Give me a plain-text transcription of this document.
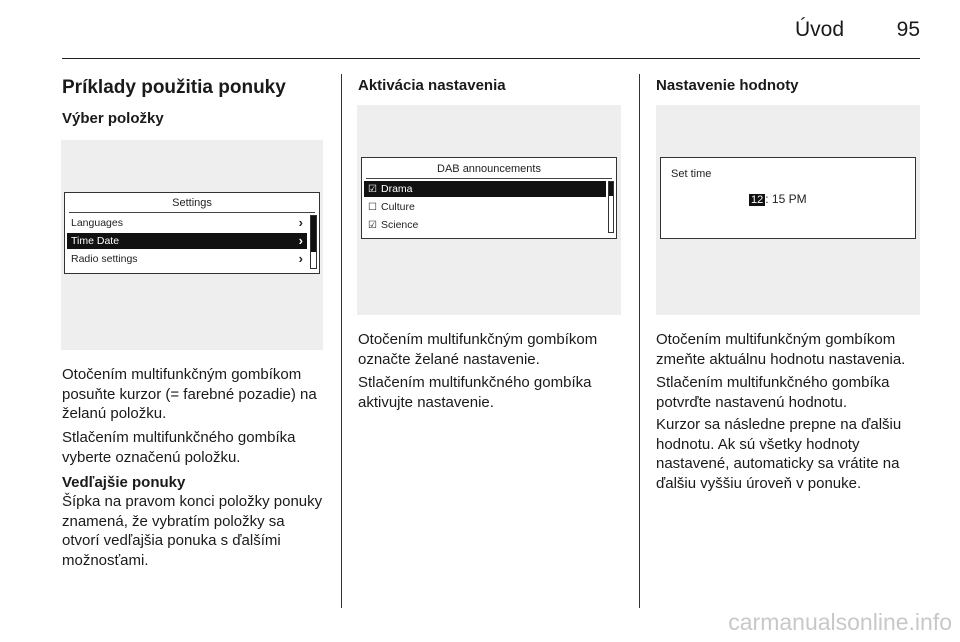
Úvod	95
Príklady použitia ponuky
Výber položky
Settings
Languages	›
Time Date	›
Radio settings	›

Otočením multifunkčným gombíkom posuňte kurzor (= farebné pozadie) na želanú položku.

Stlačením multifunkčného gombíka vyberte označenú položku.

Vedľajšie ponuky

Šípka na pravom konci položky ponuky znamená, že vybratím položky sa otvorí vedľajšia ponuka s ďalšími možnosťami.

Aktivácia nastavenia
DAB announcements
☑ Drama
☐ Culture
☑ Science

Otočením multifunkčným gombíkom označte želané nastavenie.

Stlačením multifunkčného gombíka aktivujte nastavenie.

Nastavenie hodnoty
Set time
12 : 15 PM

Otočením multifunkčným gombíkom zmeňte aktuálnu hodnotu nastavenia.

Stlačením multifunkčného gombíka potvrďte nastavenú hodnotu.

Kurzor sa následne prepne na ďalšiu hodnotu. Ak sú všetky hodnoty nastavené, automaticky sa vrátite na ďalšiu vyššiu úroveň v ponuke.

carmanualsonline.info
